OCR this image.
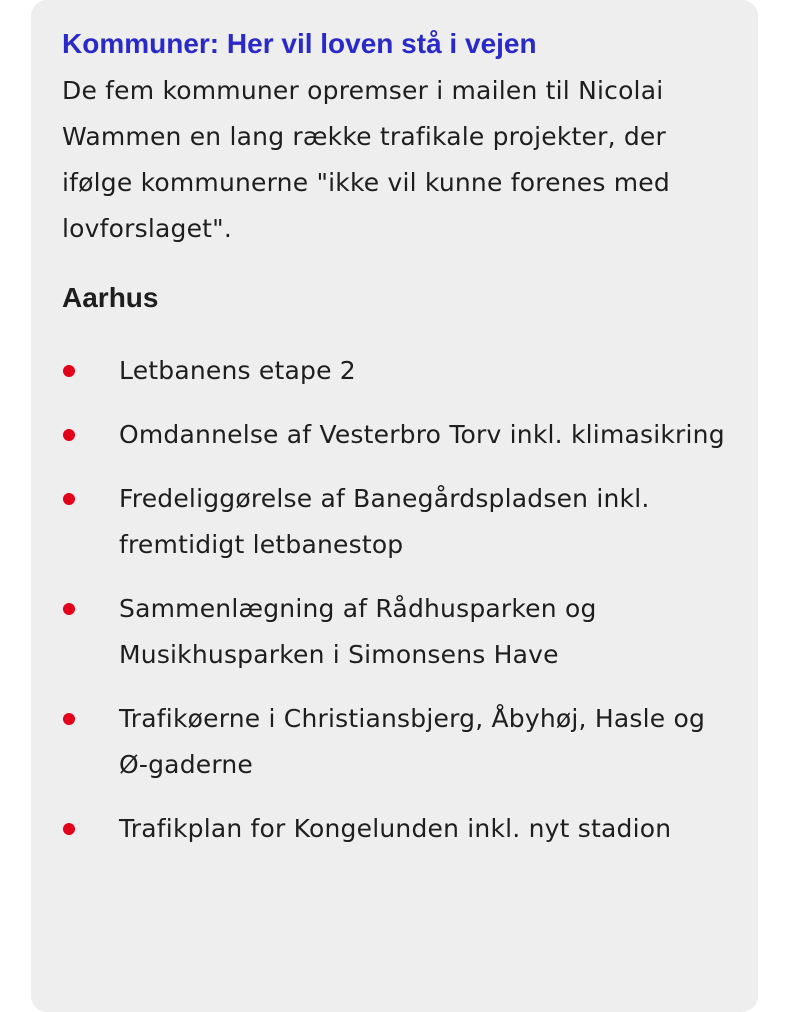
Kommuner: Her vil loven stå i vejen

De fem kommuner opremser i mailen til Nicolai Wammen en lang række trafikale projekter, der ifølge kommunerne "ikke vil kunne forenes med lovforslaget".

Aarhus
Letbanens etape 2
Omdannelse af Vesterbro Torv inkl. klimasikring
Fredeliggørelse af Banegårdspladsen inkl. fremtidigt letbanestop
Sammenlægning af Rådhusparken og Musikhusparken i Simonsens Have
Trafikøerne i Christiansbjerg, Åbyhøj, Hasle og Ø-gaderne
Trafikplan for Kongelunden inkl. nyt stadion
